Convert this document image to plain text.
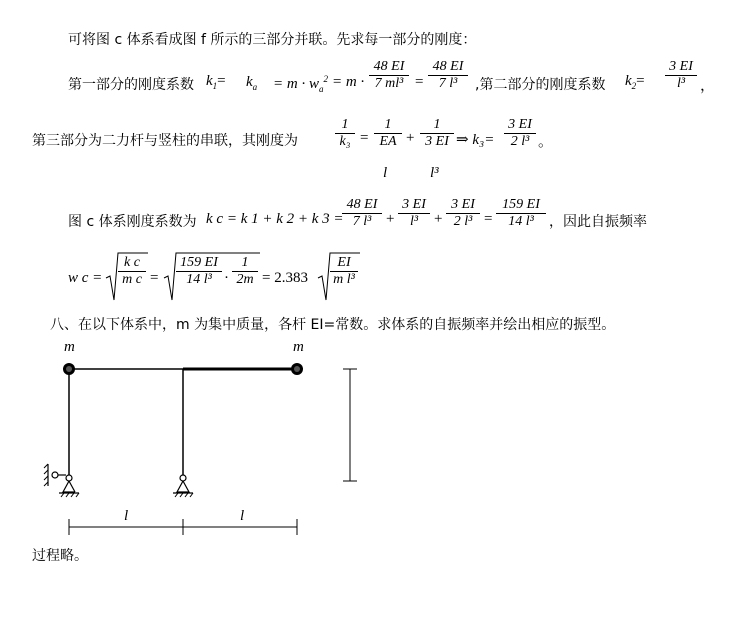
可将图 c 体系看成图 f 所示的三部分并联。先求每一部分的刚度：
第一部分的刚度系数 $k_1= k_a = m \cdot w_a^2 = m \cdot \frac{48 EI}{\text{7 ml³}} = \frac{48 EI}{\text{7 l³}}$ ,第二部分的刚度系数 $k_2= \frac{3 EI}{\text{l³}}$ ，
第三部分为二力杆与竖柱的串联，其刚度为	$\frac{1}{\text{k₃}} = \frac{1}{EA}$
l
+ $\frac{1}{3 EI}$
l³
⇒ $k_3= \frac{3 EI}{\text{2 l³}}$ 。
图 c 体系刚度系数为 k c = k 1 + k 2 + k 3 =
$\frac{48 EI}{\text{7 l³}} + \frac{3 EI}{\text{l³}} + \frac{3 EI}{\text{2 l³}} = \frac{159 EI}{\text{14 l³}}$ ，因此自振频率
w $c = \frac{\text{k c}}{\text{m c}} = \frac{159 EI}{\text{14 l³}} \cdot \frac{1}{2m} = 2.383 \frac{EI}{\text{m l³}}$
m	m
l	l
八、在以下体系中，m 为集中质量，各杆 EI=常数。求体系的自振频率并绘出相应的振型。
过程略。
